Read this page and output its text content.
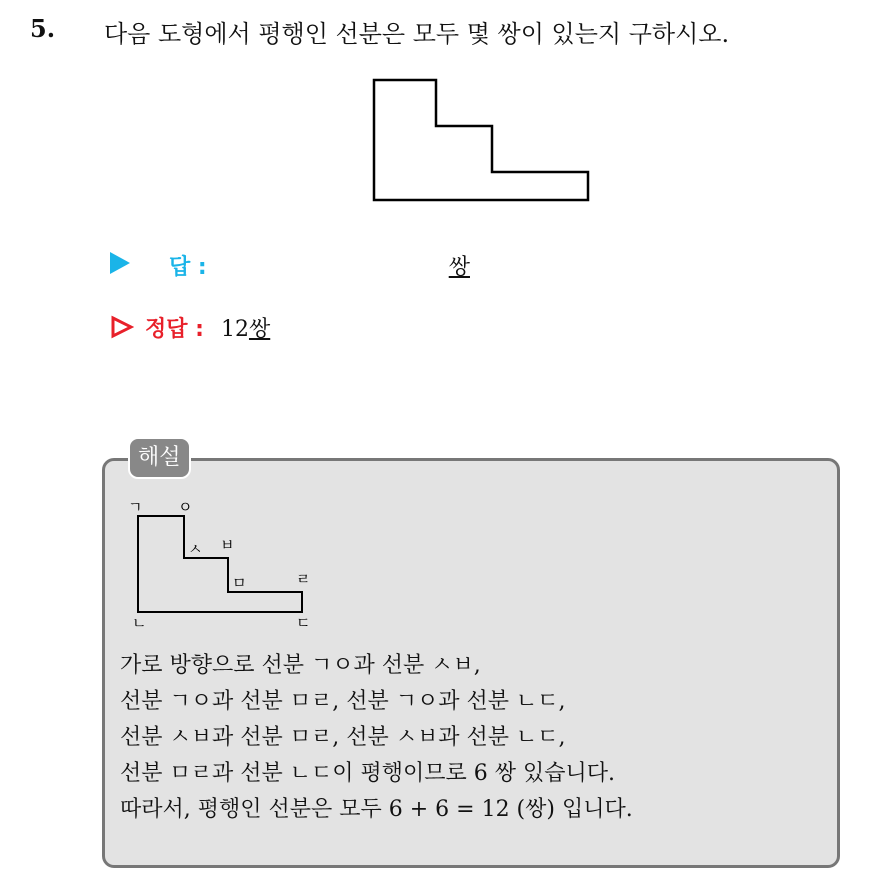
5. 다음 도형에서 평행인 선분은 모두 몇 쌍이 있는지 구하시오.
답 :	쌍
정답 : 12쌍
해설
ㄱ ㅇ
ㅅ ㅂ
ㅁ	ㄹ
ㄴ	ㄷ
가로 방향으로 선분 ㄱㅇ과 선분 ㅅㅂ,
선분 ㄱㅇ과 선분 ㅁㄹ, 선분 ㄱㅇ과 선분 ㄴㄷ,
선분 ㅅㅂ과 선분 ㅁㄹ, 선분 ㅅㅂ과 선분 ㄴㄷ,
선분 ㅁㄹ과 선분 ㄴㄷ이 평행이므로 6 쌍 있습니다.
따라서, 평행인 선분은 모두 6 + 6 = 12 (쌍) 입니다.
